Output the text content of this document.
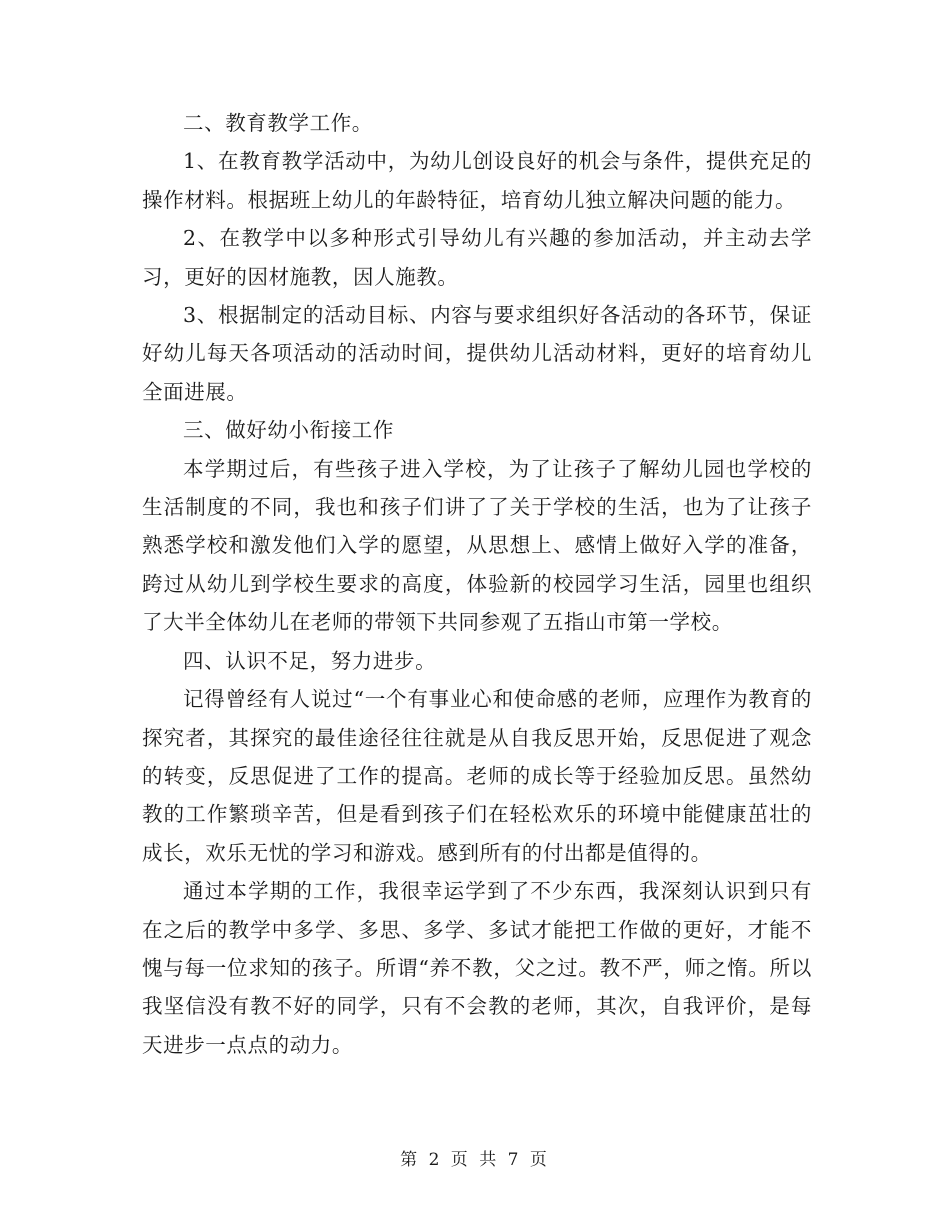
二、教育教学工作。

1、在教育教学活动中，为幼儿创设良好的机会与条件，提供充足的操作材料。根据班上幼儿的年龄特征，培育幼儿独立解决问题的能力。

2、在教学中以多种形式引导幼儿有兴趣的参加活动，并主动去学习，更好的因材施教，因人施教。

3、根据制定的活动目标、内容与要求组织好各活动的各环节，保证好幼儿每天各项活动的活动时间，提供幼儿活动材料，更好的培育幼儿全面进展。

三、做好幼小衔接工作

本学期过后，有些孩子进入学校，为了让孩子了解幼儿园也学校的生活制度的不同，我也和孩子们讲了了关于学校的生活，也为了让孩子熟悉学校和激发他们入学的愿望，从思想上、感情上做好入学的准备，跨过从幼儿到学校生要求的高度，体验新的校园学习生活，园里也组织了大半全体幼儿在老师的带领下共同参观了五指山市第一学校。

四、认识不足，努力进步。

记得曾经有人说过“一个有事业心和使命感的老师，应理作为教育的探究者，其探究的最佳途径往往就是从自我反思开始，反思促进了观念的转变，反思促进了工作的提高。老师的成长等于经验加反思。虽然幼教的工作繁琐辛苦，但是看到孩子们在轻松欢乐的环境中能健康茁壮的成长，欢乐无忧的学习和游戏。感到所有的付出都是值得的。

通过本学期的工作，我很幸运学到了不少东西，我深刻认识到只有在之后的教学中多学、多思、多学、多试才能把工作做的更好，才能不愧与每一位求知的孩子。所谓“养不教，父之过。教不严，师之惰。所以我坚信没有教不好的同学，只有不会教的老师，其次，自我评价，是每天进步一点点的动力。

第 2 页 共 7 页
